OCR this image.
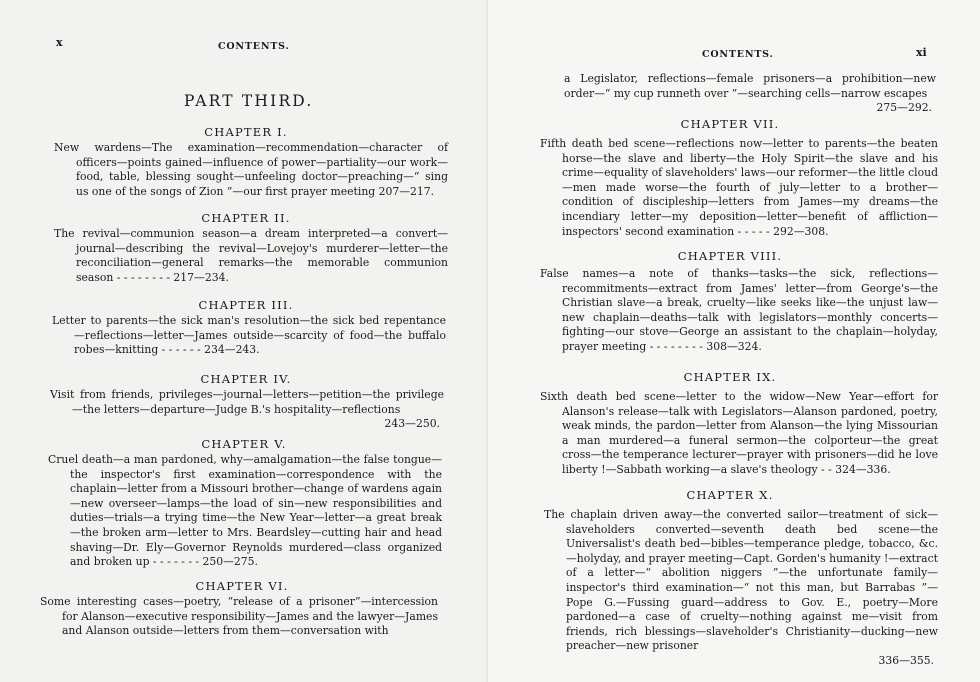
x	CONTENTS.
PART THIRD.
CHAPTER I.
New wardens—The examination—recommendation—character of officers—points gained—influence of power—partiality—our work—food, table, blessing sought—unfeeling doctor—preaching—“ sing us one of the songs of Zion ”—our first prayer meeting 207—217.
CHAPTER II.
The revival—communion season—a dream interpreted—a convert—journal—describing the revival—Lovejoy's murderer—letter—the reconciliation—general remarks—the memorable communion season - - - - - - - - 217—234.
CHAPTER III.
Letter to parents—the sick man's resolution—the sick bed repentance—reflections—letter—James outside—scarcity of food—the buffalo robes—knitting - - - - - - 234—243.
CHAPTER IV.
Visit from friends, privileges—journal—letters—petition—the privilege—the letters—departure—Judge B.'s hospitality—reflections
243—250.
CHAPTER V.
Cruel death—a man pardoned, why—amalgamation—the false tongue—the inspector's first examination—correspondence with the chaplain—letter from a Missouri brother—change of wardens again—new overseer—lamps—the load of sin—new responsibilities and duties—trials—a trying time—the New Year—letter—a great break—the broken arm—letter to Mrs. Beardsley—cutting hair and head shaving—Dr. Ely—Governor Reynolds murdered—class organized and broken up - - - - - - - 250—275.
CHAPTER VI.
Some interesting cases—poetry, “release of a prisoner”—intercession for Alanson—executive responsibility—James and the lawyer—James and Alanson outside—letters from them—conversation with
CONTENTS.	xi
a Legislator, reflections—female prisoners—a prohibition—new order—“ my cup runneth over ”—searching cells—narrow escapes
275—292.
CHAPTER VII.
Fifth death bed scene—reflections now—letter to parents—the beaten horse—the slave and liberty—the Holy Spirit—the slave and his crime—equality of slaveholders' laws—our reformer—the little cloud—men made worse—the fourth of july—letter to a brother—condition of discipleship—letters from James—my dreams—the incendiary letter—my deposition—letter—benefit of affliction—inspectors' second examination - - - - - 292—308.
CHAPTER VIII.
False names—a note of thanks—tasks—the sick, reflections—recommitments—extract from James' letter—from George's—the Christian slave—a break, cruelty—like seeks like—the unjust law—new chaplain—deaths—talk with legislators—monthly concerts—fighting—our stove—George an assistant to the chaplain—holyday, prayer meeting - - - - - - - - 308—324.
CHAPTER IX.
Sixth death bed scene—letter to the widow—New Year—effort for Alanson's release—talk with Legislators—Alanson pardoned, poetry, weak minds, the pardon—letter from Alanson—the lying Missourian a man murdered—a funeral sermon—the colporteur—the great cross—the temperance lecturer—prayer with prisoners—did he love liberty !—Sabbath working—a slave's theology - - 324—336.
CHAPTER X.
The chaplain driven away—the converted sailor—treatment of sick—slaveholders converted—seventh death bed scene—the Universalist's death bed—bibles—temperance pledge, tobacco, &c.—holyday, and prayer meeting—Capt. Gorden's humanity !—extract of a letter—“ abolition niggers ”—the unfortunate family—inspector's third examination—“ not this man, but Barrabas ”—Pope G.—Fussing guard—address to Gov. E., poetry—More pardoned—a case of cruelty—nothing against me—visit from friends, rich blessings—slaveholder's Christianity—ducking—new preacher—new prisoner
336—355.
